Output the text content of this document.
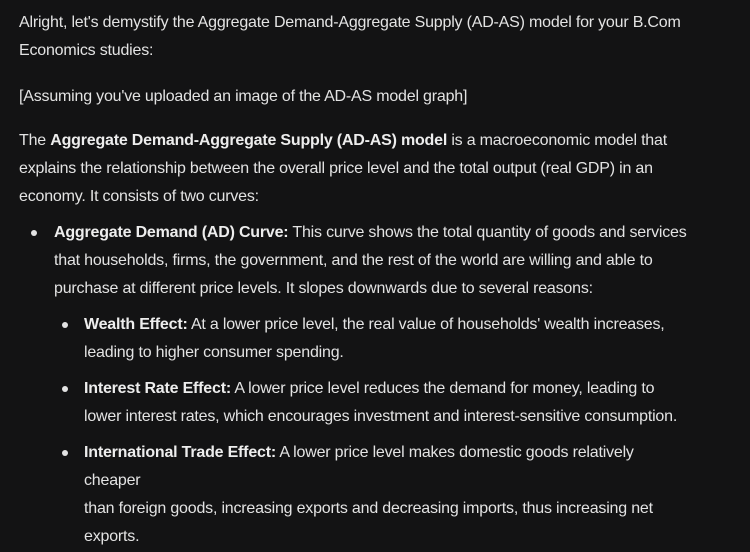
Alright, let's demystify the Aggregate Demand-Aggregate Supply (AD-AS) model for your B.Com
Economics studies:
[Assuming you've uploaded an image of the AD-AS model graph]
The Aggregate Demand-Aggregate Supply (AD-AS) model is a macroeconomic model that
explains the relationship between the overall price level and the total output (real GDP) in an
economy. It consists of two curves:
Aggregate Demand (AD) Curve: This curve shows the total quantity of goods and services
that households, firms, the government, and the rest of the world are willing and able to
purchase at different price levels. It slopes downwards due to several reasons:
Wealth Effect: At a lower price level, the real value of households' wealth increases,
leading to higher consumer spending.
Interest Rate Effect: A lower price level reduces the demand for money, leading to
lower interest rates, which encourages investment and interest-sensitive consumption.
International Trade Effect: A lower price level makes domestic goods relatively
cheaper
than foreign goods, increasing exports and decreasing imports, thus increasing net
exports.
